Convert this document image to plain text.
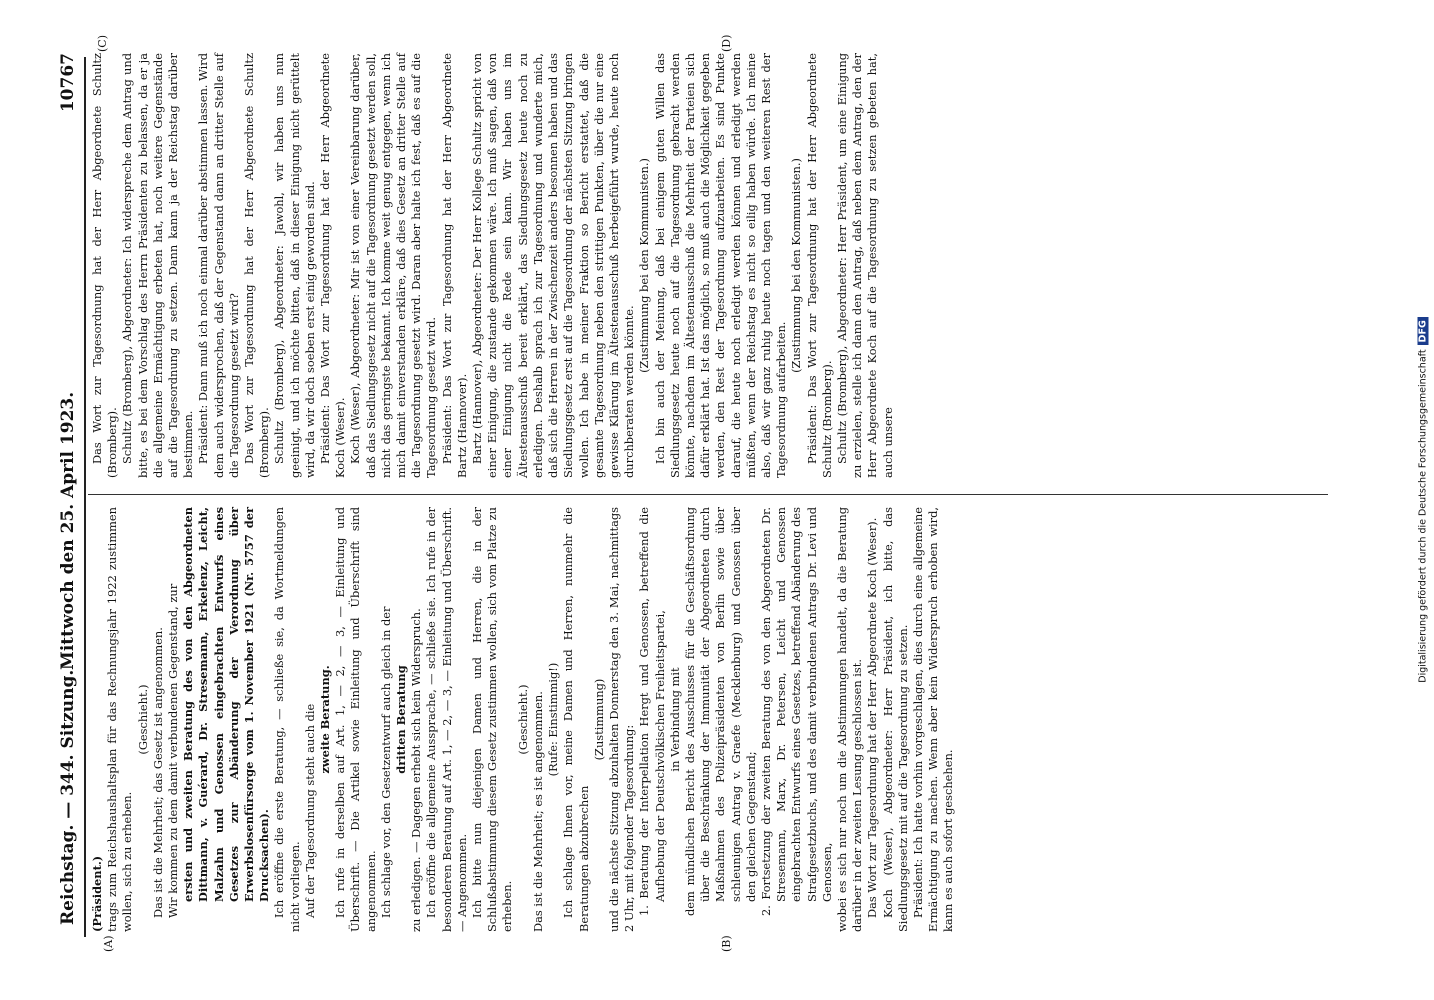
Reichstag. — 344. Sitzung.
Mittwoch den 25. April 1923.
10767
(A)	(B)
(C)	(D)

(Präsident.) trags zum Reichshaushaltsplan für das Rechnungsjahr 1922 zustimmen wollen, sich zu erheben.

(Geschieht.) Das ist die Mehrheit; das Gesetz ist angenommen. Wir kommen zu dem damit verbundenen Gegenstand, zur ersten und zweiten Beratung des von den Abgeordneten Dittmann, v. Guérard, Dr. Stresemann, Erkelenz, Leicht, Malzahn und Genossen eingebrachten Entwurfs eines Gesetzes zur Abänderung der Verordnung über Erwerbslosenfürsorge vom 1. November 1921 (Nr. 5757 der Drucksachen). Ich eröffne die erste Beratung, — schließe sie, da Wortmeldungen nicht vorliegen. Auf der Tagesordnung steht auch die zweite Beratung. Ich rufe in derselben auf Art. 1, — 2, — 3, — Einleitung und Überschrift. — Die Artikel sowie Einleitung und Überschrift sind angenommen. Ich schlage vor, den Gesetzentwurf auch gleich in der dritten Beratung zu erledigen. — Dagegen erhebt sich kein Widerspruch. Ich eröffne die allgemeine Aussprache, — schließe sie. Ich rufe in der besonderen Beratung auf Art. 1, — 2, — 3, — Einleitung und Überschrift. — Angenommen. Ich bitte nun diejenigen Damen und Herren, die in der Schlußabstimmung diesem Gesetz zustimmen wollen, sich vom Platze zu erheben.

(Geschieht.) Das ist die Mehrheit; es ist angenommen. (Rufe: Einstimmig!) Ich schlage Ihnen vor, meine Damen und Herren, nunmehr die Beratungen abzubrechen

(Zustimmung) und die nächste Sitzung abzuhalten Donnerstag den 3. Mai, nachmittags 2 Uhr, mit folgender Tagesordnung: 1. Beratung der Interpellation Hergt und Genossen, betreffend die Aufhebung der Deutschvölkischen Freiheitspartei, in Verbindung mit dem mündlichen Bericht des Ausschusses für die Geschäftsordnung über die Beschränkung der Immunität der Abgeordneten durch Maßnahmen des Polizeipräsidenten von Berlin sowie über schleunigen Antrag v. Graefe (Mecklenburg) und Genossen über den gleichen Gegenstand; 2. Fortsetzung der zweiten Beratung des von den Abgeordneten Dr. Stresemann, Marx, Dr. Petersen, Leicht und Genossen eingebrachten Entwurfs eines Gesetzes, betreffend Abänderung des Strafgesetzbuchs, und des damit verbundenen Antrags Dr. Levi und Genossen, wobei es sich nur noch um die Abstimmungen handelt, da die Beratung darüber in der zweiten Lesung geschlossen ist. Das Wort zur Tagesordnung hat der Herr Abgeordnete Koch (Weser). Koch (Weser), Abgeordneter: Herr Präsident, ich bitte, das Siedlungsgesetz mit auf die Tagesordnung zu setzen. Präsident: Ich hatte vorhin vorgeschlagen, dies durch eine allgemeine Ermächtigung zu machen. Wenn aber kein Widerspruch erhoben wird, kann es auch sofort geschehen.

Das Wort zur Tagesordnung hat der Herr Abgeordnete Schultz (Bromberg). Schultz (Bromberg), Abgeordneter: Ich widerspreche dem Antrag und bitte, es bei dem Vorschlag des Herrn Präsidenten zu belassen, da er ja die allgemeine Ermächtigung erbeten hat, noch weitere Gegenstände auf die Tagesordnung zu setzen. Dann kann ja der Reichstag darüber bestimmen. Präsident: Dann muß ich noch einmal darüber abstimmen lassen. Wird dem auch widersprochen, daß der Gegenstand dann an dritter Stelle auf die Tagesordnung gesetzt wird? Das Wort zur Tagesordnung hat der Herr Abgeordnete Schultz (Bromberg). Schultz (Bromberg), Abgeordneter: Jawohl, wir haben uns nun geeinigt, und ich möchte bitten, daß in dieser Einigung nicht gerüttelt wird, da wir doch soeben erst einig geworden sind. Präsident: Das Wort zur Tagesordnung hat der Herr Abgeordnete Koch (Weser). Koch (Weser), Abgeordneter: Mir ist von einer Vereinbarung darüber, daß das Siedlungsgesetz nicht auf die Tagesordnung gesetzt werden soll, nicht das geringste bekannt. Ich komme weit genug entgegen, wenn ich mich damit einverstanden erkläre, daß dies Gesetz an dritter Stelle auf die Tagesordnung gesetzt wird. Daran aber halte ich fest, daß es auf die Tagesordnung gesetzt wird. Präsident: Das Wort zur Tagesordnung hat der Herr Abgeordnete Bartz (Hannover). Bartz (Hannover), Abgeordneter: Der Herr Kollege Schultz spricht von einer Einigung, die zustande gekommen wäre. Ich muß sagen, daß von einer Einigung nicht die Rede sein kann. Wir haben uns im Ältestenausschuß bereit erklärt, das Siedlungsgesetz heute noch zu erledigen. Deshalb sprach ich zur Tagesordnung und wunderte mich, daß sich die Herren in der Zwischenzeit anders besonnen haben und das Siedlungsgesetz erst auf die Tagesordnung der nächsten Sitzung bringen wollen. Ich habe in meiner Fraktion so Bericht erstattet, daß die gesamte Tagesordnung neben den strittigen Punkten, über die nur eine gewisse Klärung im Ältestenausschuß herbeigeführt wurde, heute noch durchberaten werden könnte.

(Zustimmung bei den Kommunisten.) Ich bin auch der Meinung, daß bei einigem guten Willen das Siedlungsgesetz heute noch auf die Tagesordnung gebracht werden könnte, nachdem im Ältestenausschuß die Mehrheit der Parteien sich dafür erklärt hat. Ist das möglich, so muß auch die Möglichkeit gegeben werden, den Rest der Tagesordnung aufzuarbeiten. Es sind Punkte darauf, die heute noch erledigt werden können und erledigt werden müßten, wenn der Reichstag es nicht so eilig haben würde. Ich meine also, daß wir ganz ruhig heute noch tagen und den weiteren Rest der Tagesordnung aufarbeiten.

(Zustimmung bei den Kommunisten.) Präsident: Das Wort zur Tagesordnung hat der Herr Abgeordnete Schultz (Bromberg). Schultz (Bromberg), Abgeordneter: Herr Präsident, um eine Einigung zu erzielen, stelle ich dann den Antrag, daß neben dem Antrag, den der Herr Abgeordnete Koch auf die Tagesordnung zu setzen gebeten hat, auch unsere	Digitalisierung gefördert durch die Deutsche ForschungsgemeinschaftDFG
